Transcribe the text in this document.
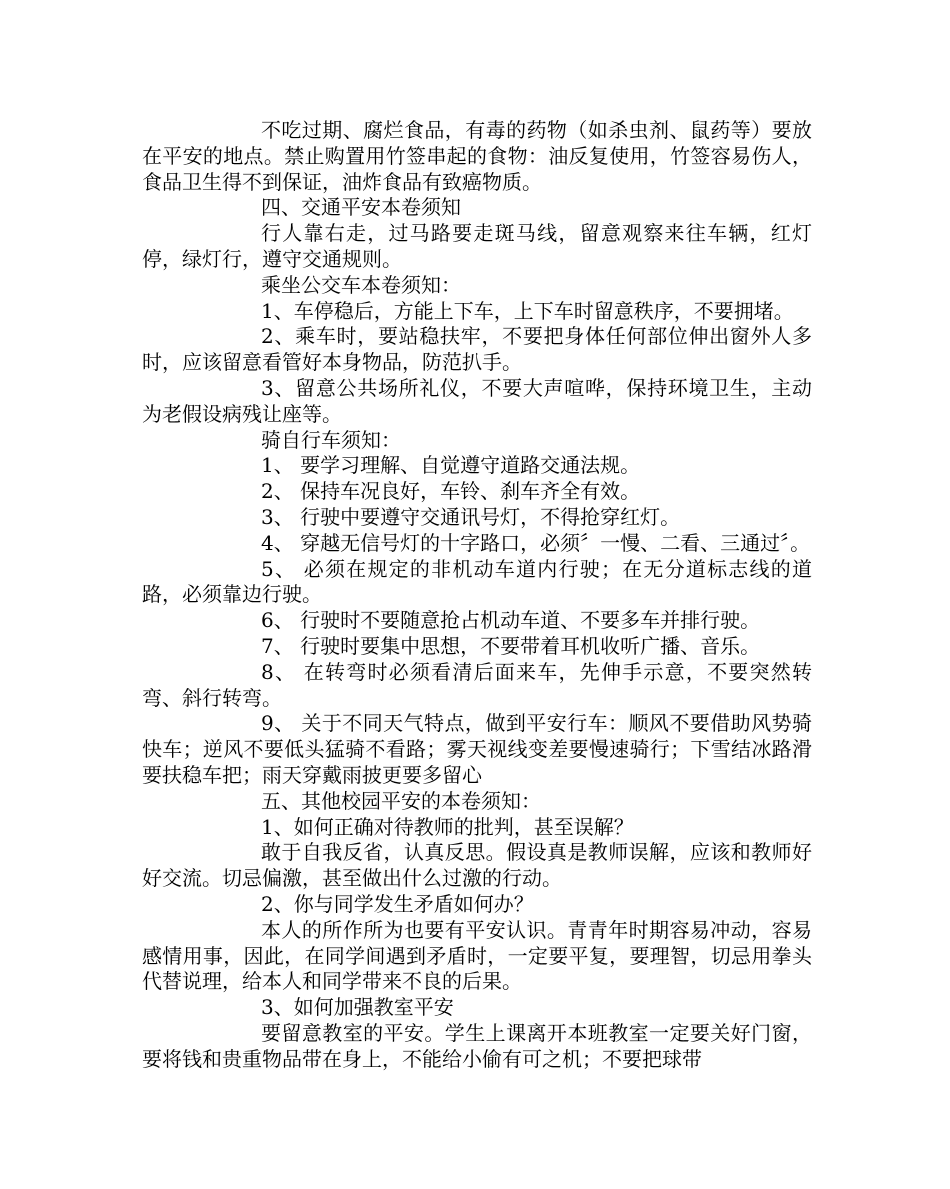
不吃过期、腐烂食品，有毒的药物（如杀虫剂、鼠药等）要放在平安的地点。禁止购置用竹签串起的食物：油反复使用，竹签容易伤人，食品卫生得不到保证，油炸食品有致癌物质。

四、交通平安本卷须知

行人靠右走，过马路要走斑马线，留意观察来往车辆，红灯停，绿灯行，遵守交通规则。

乘坐公交车本卷须知：

1、车停稳后，方能上下车，上下车时留意秩序，不要拥堵。

2、乘车时，要站稳扶牢，不要把身体任何部位伸出窗外人多时，应该留意看管好本身物品，防范扒手。

3、留意公共场所礼仪，不要大声喧哗，保持环境卫生，主动为老假设病残让座等。

骑自行车须知：

1、 要学习理解、自觉遵守道路交通法规。

2、 保持车况良好，车铃、刹车齐全有效。

3、 行驶中要遵守交通讯号灯，不得抢穿红灯。

4、 穿越无信号灯的十字路口，必须〞一慢、二看、三通过〞。

5、 必须在规定的非机动车道内行驶；在无分道标志线的道路，必须靠边行驶。

6、 行驶时不要随意抢占机动车道、不要多车并排行驶。

7、 行驶时要集中思想，不要带着耳机收听广播、音乐。

8、 在转弯时必须看清后面来车，先伸手示意，不要突然转弯、斜行转弯。

9、 关于不同天气特点，做到平安行车：顺风不要借助风势骑快车；逆风不要低头猛骑不看路；雾天视线变差要慢速骑行；下雪结冰路滑要扶稳车把；雨天穿戴雨披更要多留心

五、其他校园平安的本卷须知：

1、如何正确对待教师的批判，甚至误解？

敢于自我反省，认真反思。假设真是教师误解，应该和教师好好交流。切忌偏激，甚至做出什么过激的行动。

2、你与同学发生矛盾如何办？

本人的所作所为也要有平安认识。青青年时期容易冲动，容易感情用事，因此，在同学间遇到矛盾时，一定要平复，要理智，切忌用拳头代替说理，给本人和同学带来不良的后果。

3、如何加强教室平安

要留意教室的平安。学生上课离开本班教室一定要关好门窗，要将钱和贵重物品带在身上，不能给小偷有可之机；不要把球带
